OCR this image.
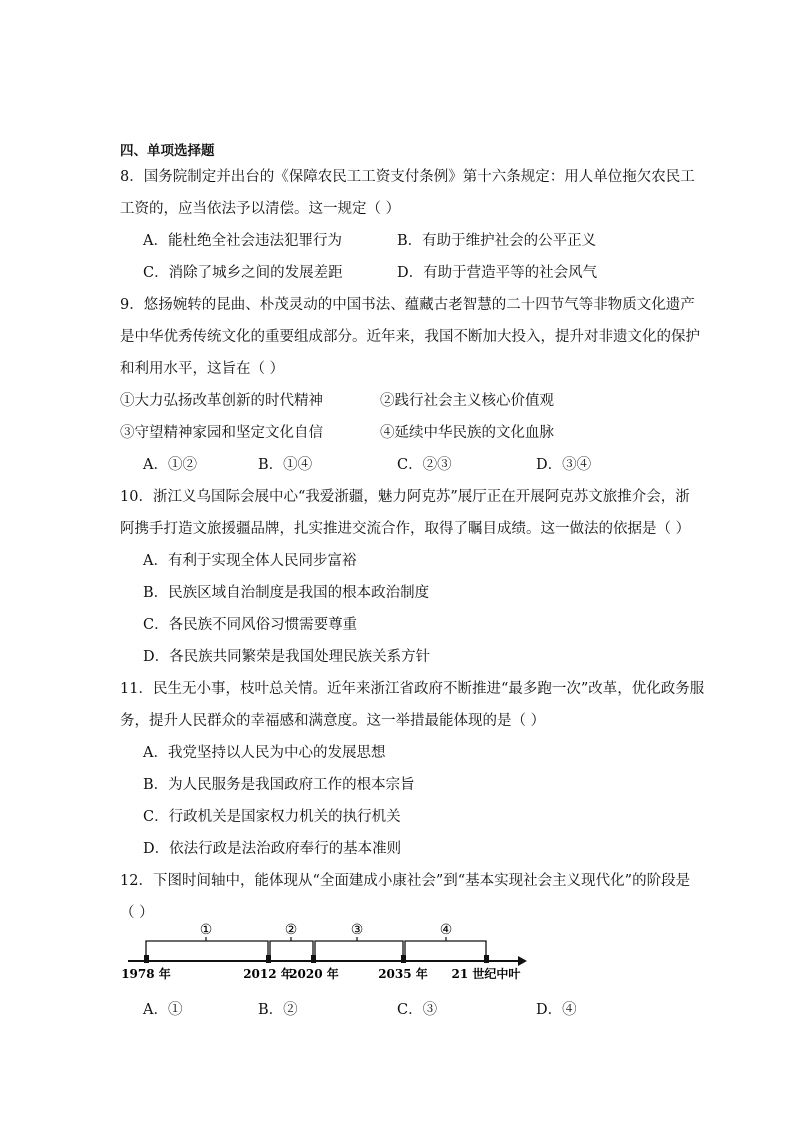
四、单项选择题
8．国务院制定并出台的《保障农民工工资支付条例》第十六条规定：用人单位拖欠农民工
工资的，应当依法予以清偿。这一规定（ ）
A．能杜绝全社会违法犯罪行为	B．有助于维护社会的公平正义
C．消除了城乡之间的发展差距	D．有助于营造平等的社会风气
9．悠扬婉转的昆曲、朴茂灵动的中国书法、蕴藏古老智慧的二十四节气等非物质文化遗产
是中华优秀传统文化的重要组成部分。近年来，我国不断加大投入，提升对非遗文化的保护
和利用水平，这旨在（ ）
①大力弘扬改革创新的时代精神	②践行社会主义核心价值观
③守望精神家园和坚定文化自信	④延续中华民族的文化血脉
A．①②	B．①④	C．②③	D．③④
10．浙江义乌国际会展中心“我爱浙疆，魅力阿克苏”展厅正在开展阿克苏文旅推介会，浙
阿携手打造文旅援疆品牌，扎实推进交流合作，取得了瞩目成绩。这一做法的依据是（ ）
A．有利于实现全体人民同步富裕
B．民族区域自治制度是我国的根本政治制度
C．各民族不同风俗习惯需要尊重
D．各民族共同繁荣是我国处理民族关系方针
11．民生无小事，枝叶总关情。近年来浙江省政府不断推进“最多跑一次”改革，优化政务服
务，提升人民群众的幸福感和满意度。这一举措最能体现的是（ ）
A．我党坚持以人民为中心的发展思想
B．为人民服务是我国政府工作的根本宗旨
C．行政机关是国家权力机关的执行机关
D．依法行政是法治政府奉行的基本准则
12．下图时间轴中，能体现从“全面建成小康社会”到“基本实现社会主义现代化”的阶段是
（ ）
①	②	③	④
1978 年	2012 年
2020 年	2035 年 21 世纪中叶
A．①	B．②	C．③	D．④
